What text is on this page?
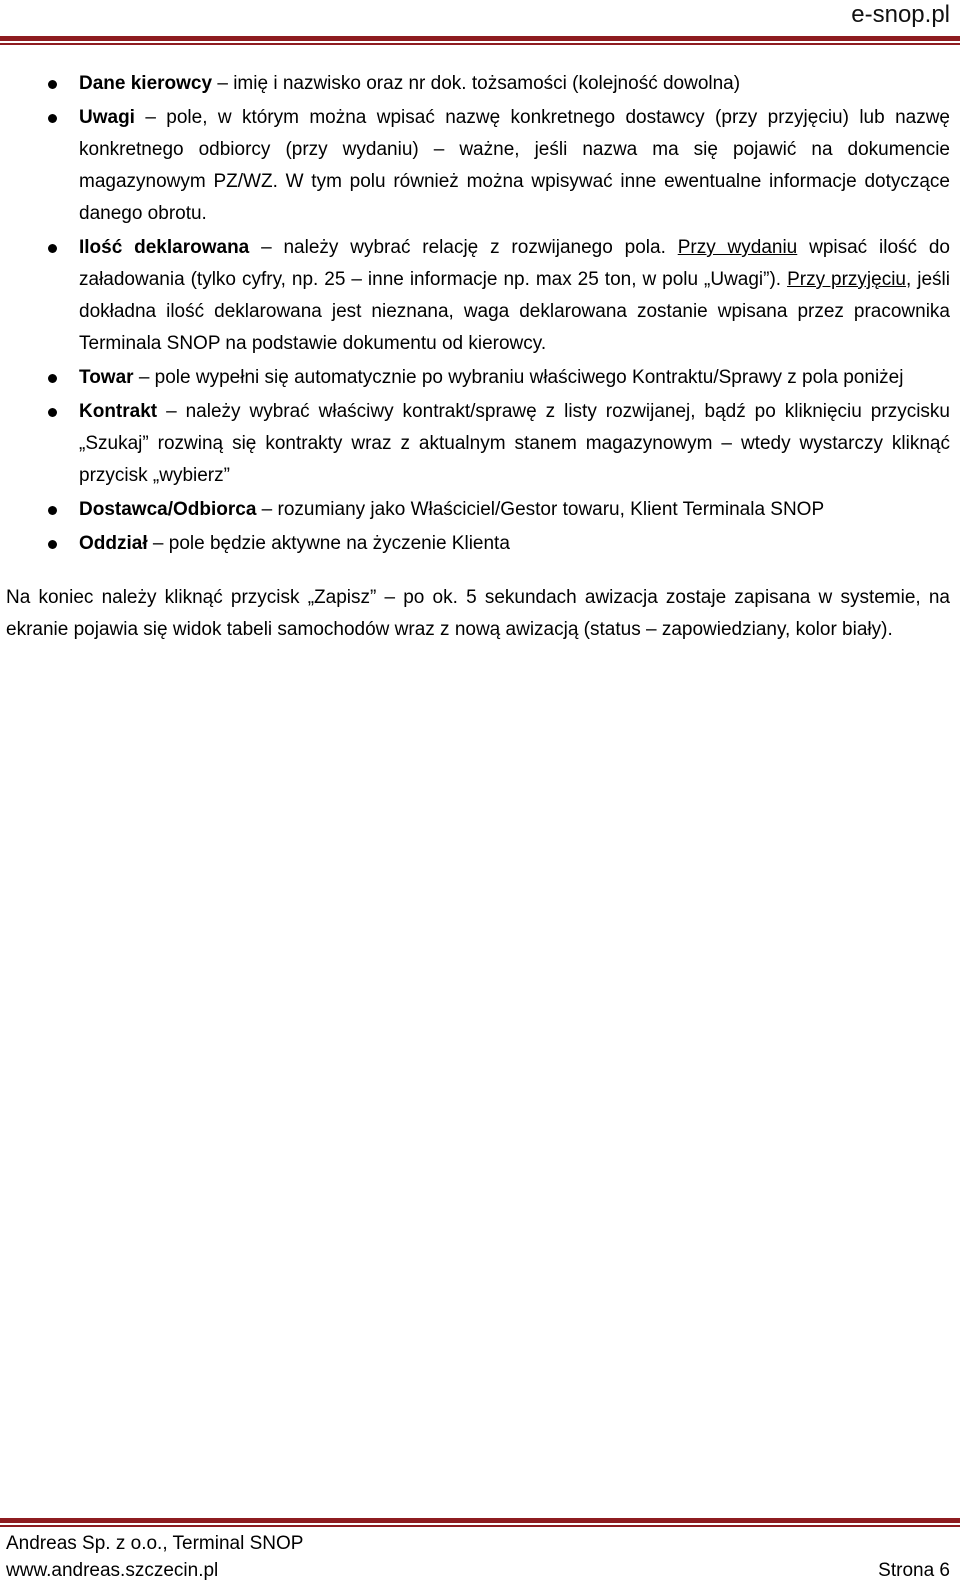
e-snop.pl
Dane kierowcy – imię i nazwisko oraz nr dok. tożsamości (kolejność dowolna)
Uwagi – pole, w którym można wpisać nazwę konkretnego dostawcy (przy przyjęciu) lub nazwę konkretnego odbiorcy (przy wydaniu) – ważne, jeśli nazwa ma się pojawić na dokumencie magazynowym PZ/WZ. W tym polu również można wpisywać inne ewentualne informacje dotyczące danego obrotu.
Ilość deklarowana – należy wybrać relację z rozwijanego pola. Przy wydaniu wpisać ilość do załadowania (tylko cyfry, np. 25 – inne informacje np. max 25 ton, w polu „Uwagi”). Przy przyjęciu, jeśli dokładna ilość deklarowana jest nieznana, waga deklarowana zostanie wpisana przez pracownika Terminala SNOP na podstawie dokumentu od kierowcy.
Towar – pole wypełni się automatycznie po wybraniu właściwego Kontraktu/Sprawy z pola poniżej
Kontrakt – należy wybrać właściwy kontrakt/sprawę z listy rozwijanej, bądź po kliknięciu przycisku „Szukaj” rozwiną się kontrakty wraz z aktualnym stanem magazynowym – wtedy wystarczy kliknąć przycisk „wybierz”
Dostawca/Odbiorca – rozumiany jako Właściciel/Gestor towaru, Klient Terminala SNOP
Oddział – pole będzie aktywne na życzenie Klienta

Na koniec należy kliknąć przycisk „Zapisz” – po ok. 5 sekundach awizacja zostaje zapisana w systemie, na ekranie pojawia się widok tabeli samochodów wraz z nową awizacją (status – zapowiedziany, kolor biały).

Andreas Sp. z o.o., Terminal SNOP
www.andreas.szczecin.pl	Strona 6
